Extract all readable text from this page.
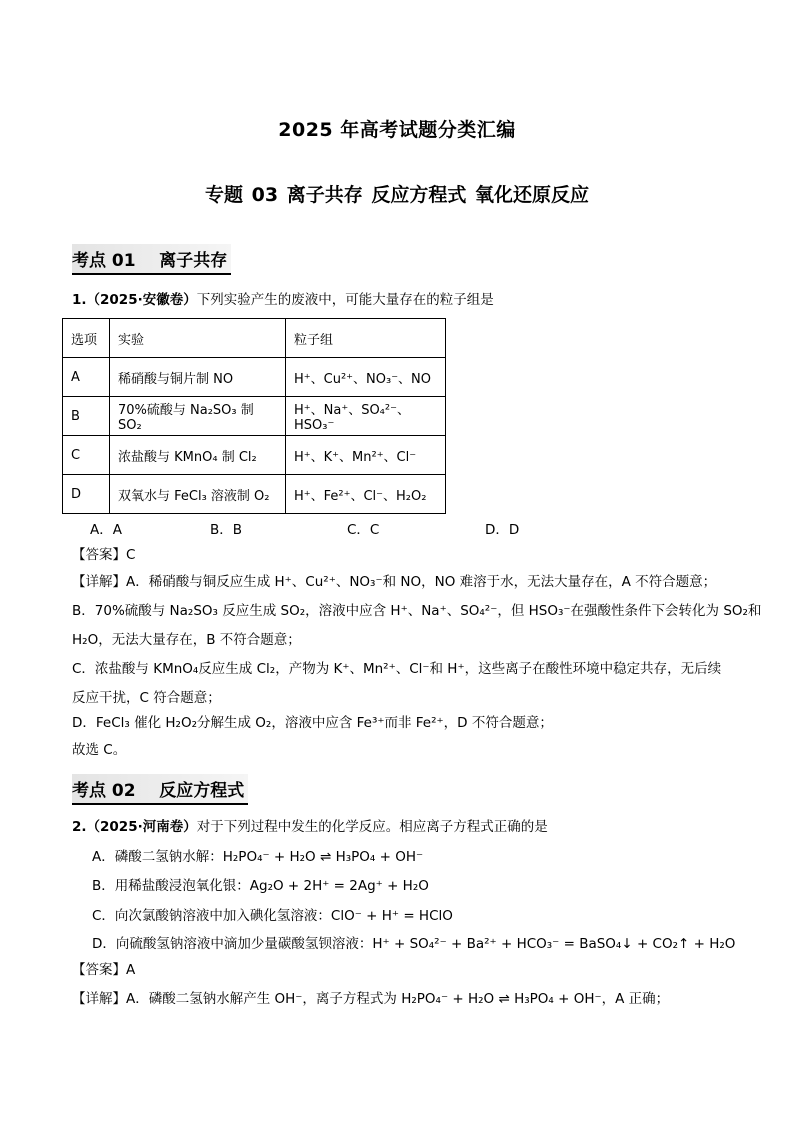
2025 年高考试题分类汇编
专题 03 离子共存 反应方程式 氧化还原反应
考点 01    离子共存
1.（2025·安徽卷）下列实验产生的废液中，可能大量存在的粒子组是
选项	实验	粒子组
A	稀硝酸与铜片制 NO	H⁺、Cu²⁺、NO₃⁻、NO
B	70%硫酸与 Na₂SO₃ 制 SO₂	H⁺、Na⁺、SO₄²⁻、HSO₃⁻
C	浓盐酸与 KMnO₄ 制 Cl₂	H⁺、K⁺、Mn²⁺、Cl⁻
D	双氧水与 FeCl₃ 溶液制 O₂	H⁺、Fe²⁺、Cl⁻、H₂O₂
A．A	B．B	C．C	D．D
【答案】C
【详解】A．稀硝酸与铜反应生成 H⁺、Cu²⁺、NO₃⁻和 NO，NO 难溶于水，无法大量存在，A 不符合题意；
B．70%硫酸与 Na₂SO₃ 反应生成 SO₂，溶液中应含 H⁺、Na⁺、SO₄²⁻，但 HSO₃⁻在强酸性条件下会转化为 SO₂和
H₂O，无法大量存在，B 不符合题意；
C．浓盐酸与 KMnO₄反应生成 Cl₂，产物为 K⁺、Mn²⁺、Cl⁻和 H⁺，这些离子在酸性环境中稳定共存，无后续
反应干扰，C 符合题意；
D．FeCl₃ 催化 H₂O₂分解生成 O₂，溶液中应含 Fe³⁺而非 Fe²⁺，D 不符合题意；
故选 C。
考点 02    反应方程式
2.（2025·河南卷）对于下列过程中发生的化学反应。相应离子方程式正确的是
A．磷酸二氢钠水解：H₂PO₄⁻ + H₂O ⇌ H₃PO₄ + OH⁻
B．用稀盐酸浸泡氧化银：Ag₂O + 2H⁺ = 2Ag⁺ + H₂O
C．向次氯酸钠溶液中加入碘化氢溶液：ClO⁻ + H⁺ = HClO
D．向硫酸氢钠溶液中滴加少量碳酸氢钡溶液：H⁺ + SO₄²⁻ + Ba²⁺ + HCO₃⁻ = BaSO₄↓ + CO₂↑ + H₂O
【答案】A
【详解】A．磷酸二氢钠水解产生 OH⁻，离子方程式为 H₂PO₄⁻ + H₂O ⇌ H₃PO₄ + OH⁻，A 正确；
